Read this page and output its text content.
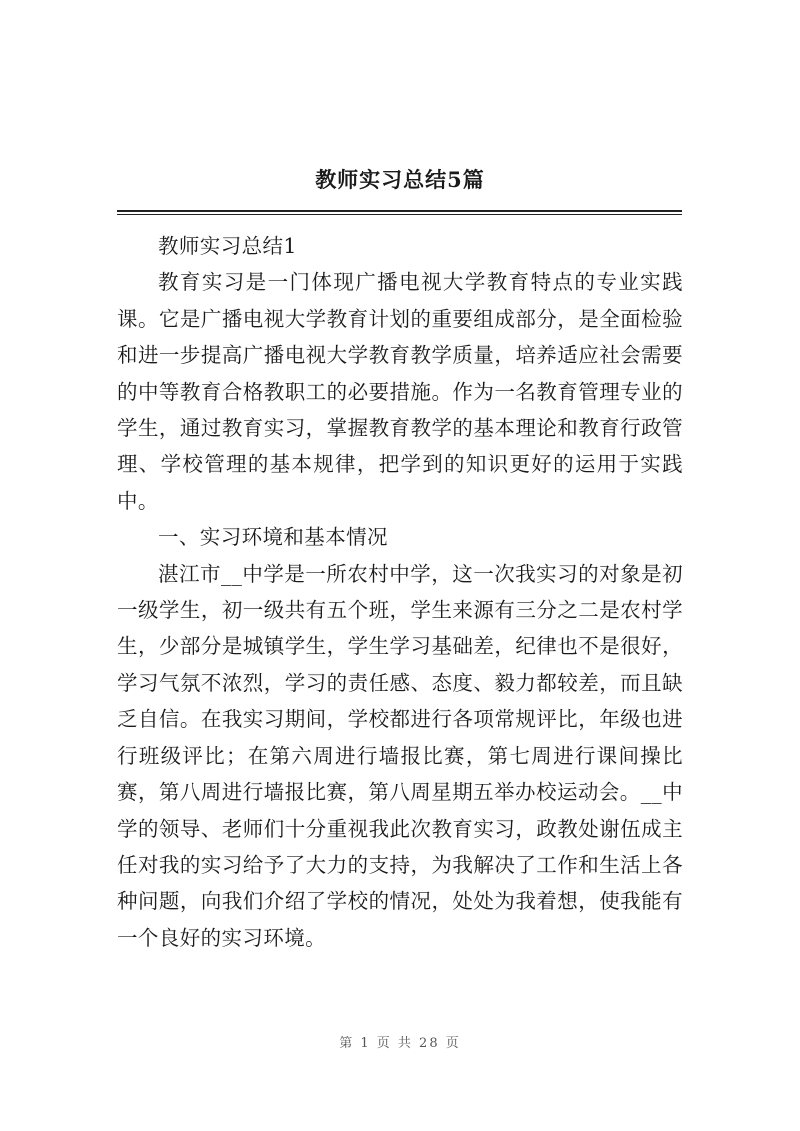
教师实习总结5篇

教师实习总结1

教育实习是一门体现广播电视大学教育特点的专业实践课。它是广播电视大学教育计划的重要组成部分，是全面检验和进一步提高广播电视大学教育教学质量，培养适应社会需要的中等教育合格教职工的必要措施。作为一名教育管理专业的学生，通过教育实习，掌握教育教学的基本理论和教育行政管理、学校管理的基本规律，把学到的知识更好的运用于实践中。

一、实习环境和基本情况

湛江市__中学是一所农村中学，这一次我实习的对象是初一级学生，初一级共有五个班，学生来源有三分之二是农村学生，少部分是城镇学生，学生学习基础差，纪律也不是很好，学习气氛不浓烈，学习的责任感、态度、毅力都较差，而且缺乏自信。在我实习期间，学校都进行各项常规评比，年级也进行班级评比；在第六周进行墙报比赛，第七周进行课间操比赛，第八周进行墙报比赛，第八周星期五举办校运动会。__中学的领导、老师们十分重视我此次教育实习，政教处谢伍成主任对我的实习给予了大力的支持，为我解决了工作和生活上各种问题，向我们介绍了学校的情况，处处为我着想，使我能有一个良好的实习环境。

第 1 页 共 28 页
